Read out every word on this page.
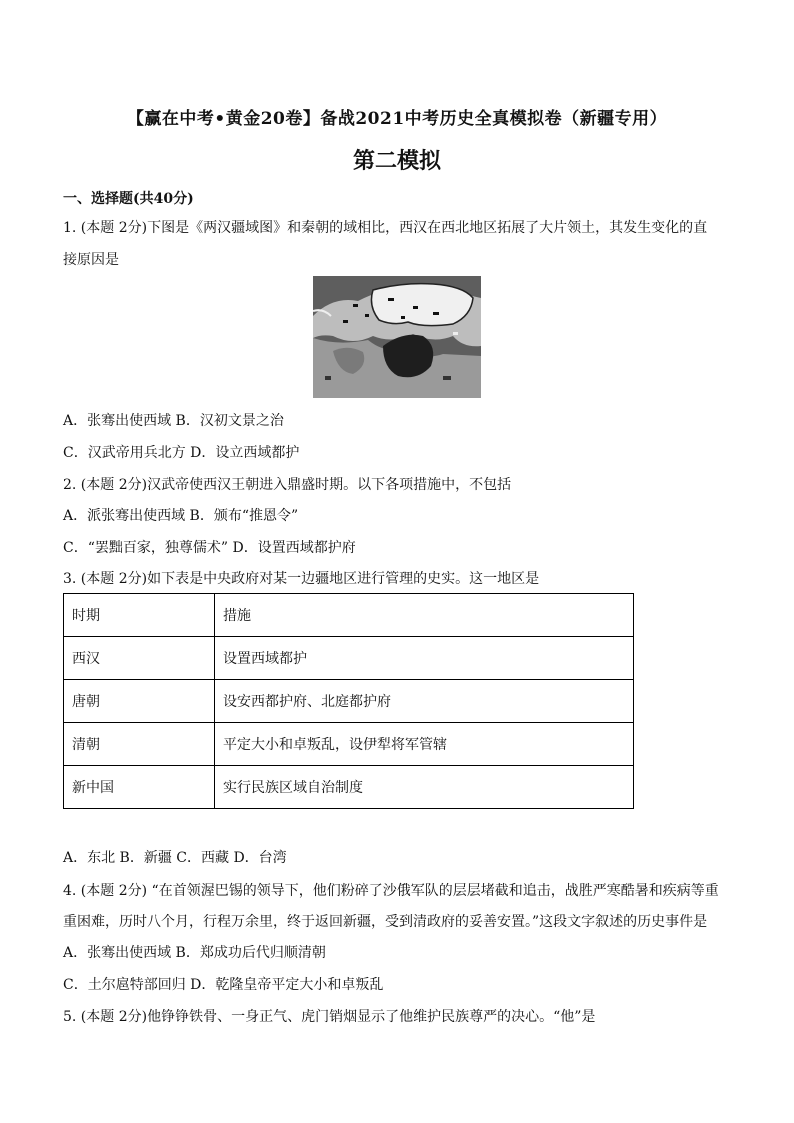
【赢在中考•黄金20卷】备战2021中考历史全真模拟卷（新疆专用）
第二模拟
一、选择题(共40分)
1. (本题 2分)下图是《两汉疆域图》和秦朝的域相比，西汉在西北地区拓展了大片领土，其发生变化的直
接原因是
A．张骞出使西域 B．汉初文景之治
C．汉武帝用兵北方 D．设立西域都护
2. (本题 2分)汉武帝使西汉王朝进入鼎盛时期。以下各项措施中，不包括
A．派张骞出使西域 B．颁布“推恩令”
C．“罢黜百家，独尊儒术” D．设置西域都护府
3. (本题 2分)如下表是中央政府对某一边疆地区进行管理的史实。这一地区是
时期	措施
西汉	设置西域都护
唐朝	设安西都护府、北庭都护府
清朝	平定大小和卓叛乱，设伊犁将军管辖
新中国	实行民族区域自治制度
A．东北 B．新疆 C．西藏 D．台湾
4. (本题 2分) “在首领渥巴锡的领导下，他们粉碎了沙俄军队的层层堵截和追击，战胜严寒酷暑和疾病等重
重困难，历时八个月，行程万余里，终于返回新疆，受到清政府的妥善安置。”这段文字叙述的历史事件是
A．张骞出使西域 B．郑成功后代归顺清朝
C．土尔扈特部回归 D．乾隆皇帝平定大小和卓叛乱
5. (本题 2分)他铮铮铁骨、一身正气、虎门销烟显示了他维护民族尊严的决心。“他”是
